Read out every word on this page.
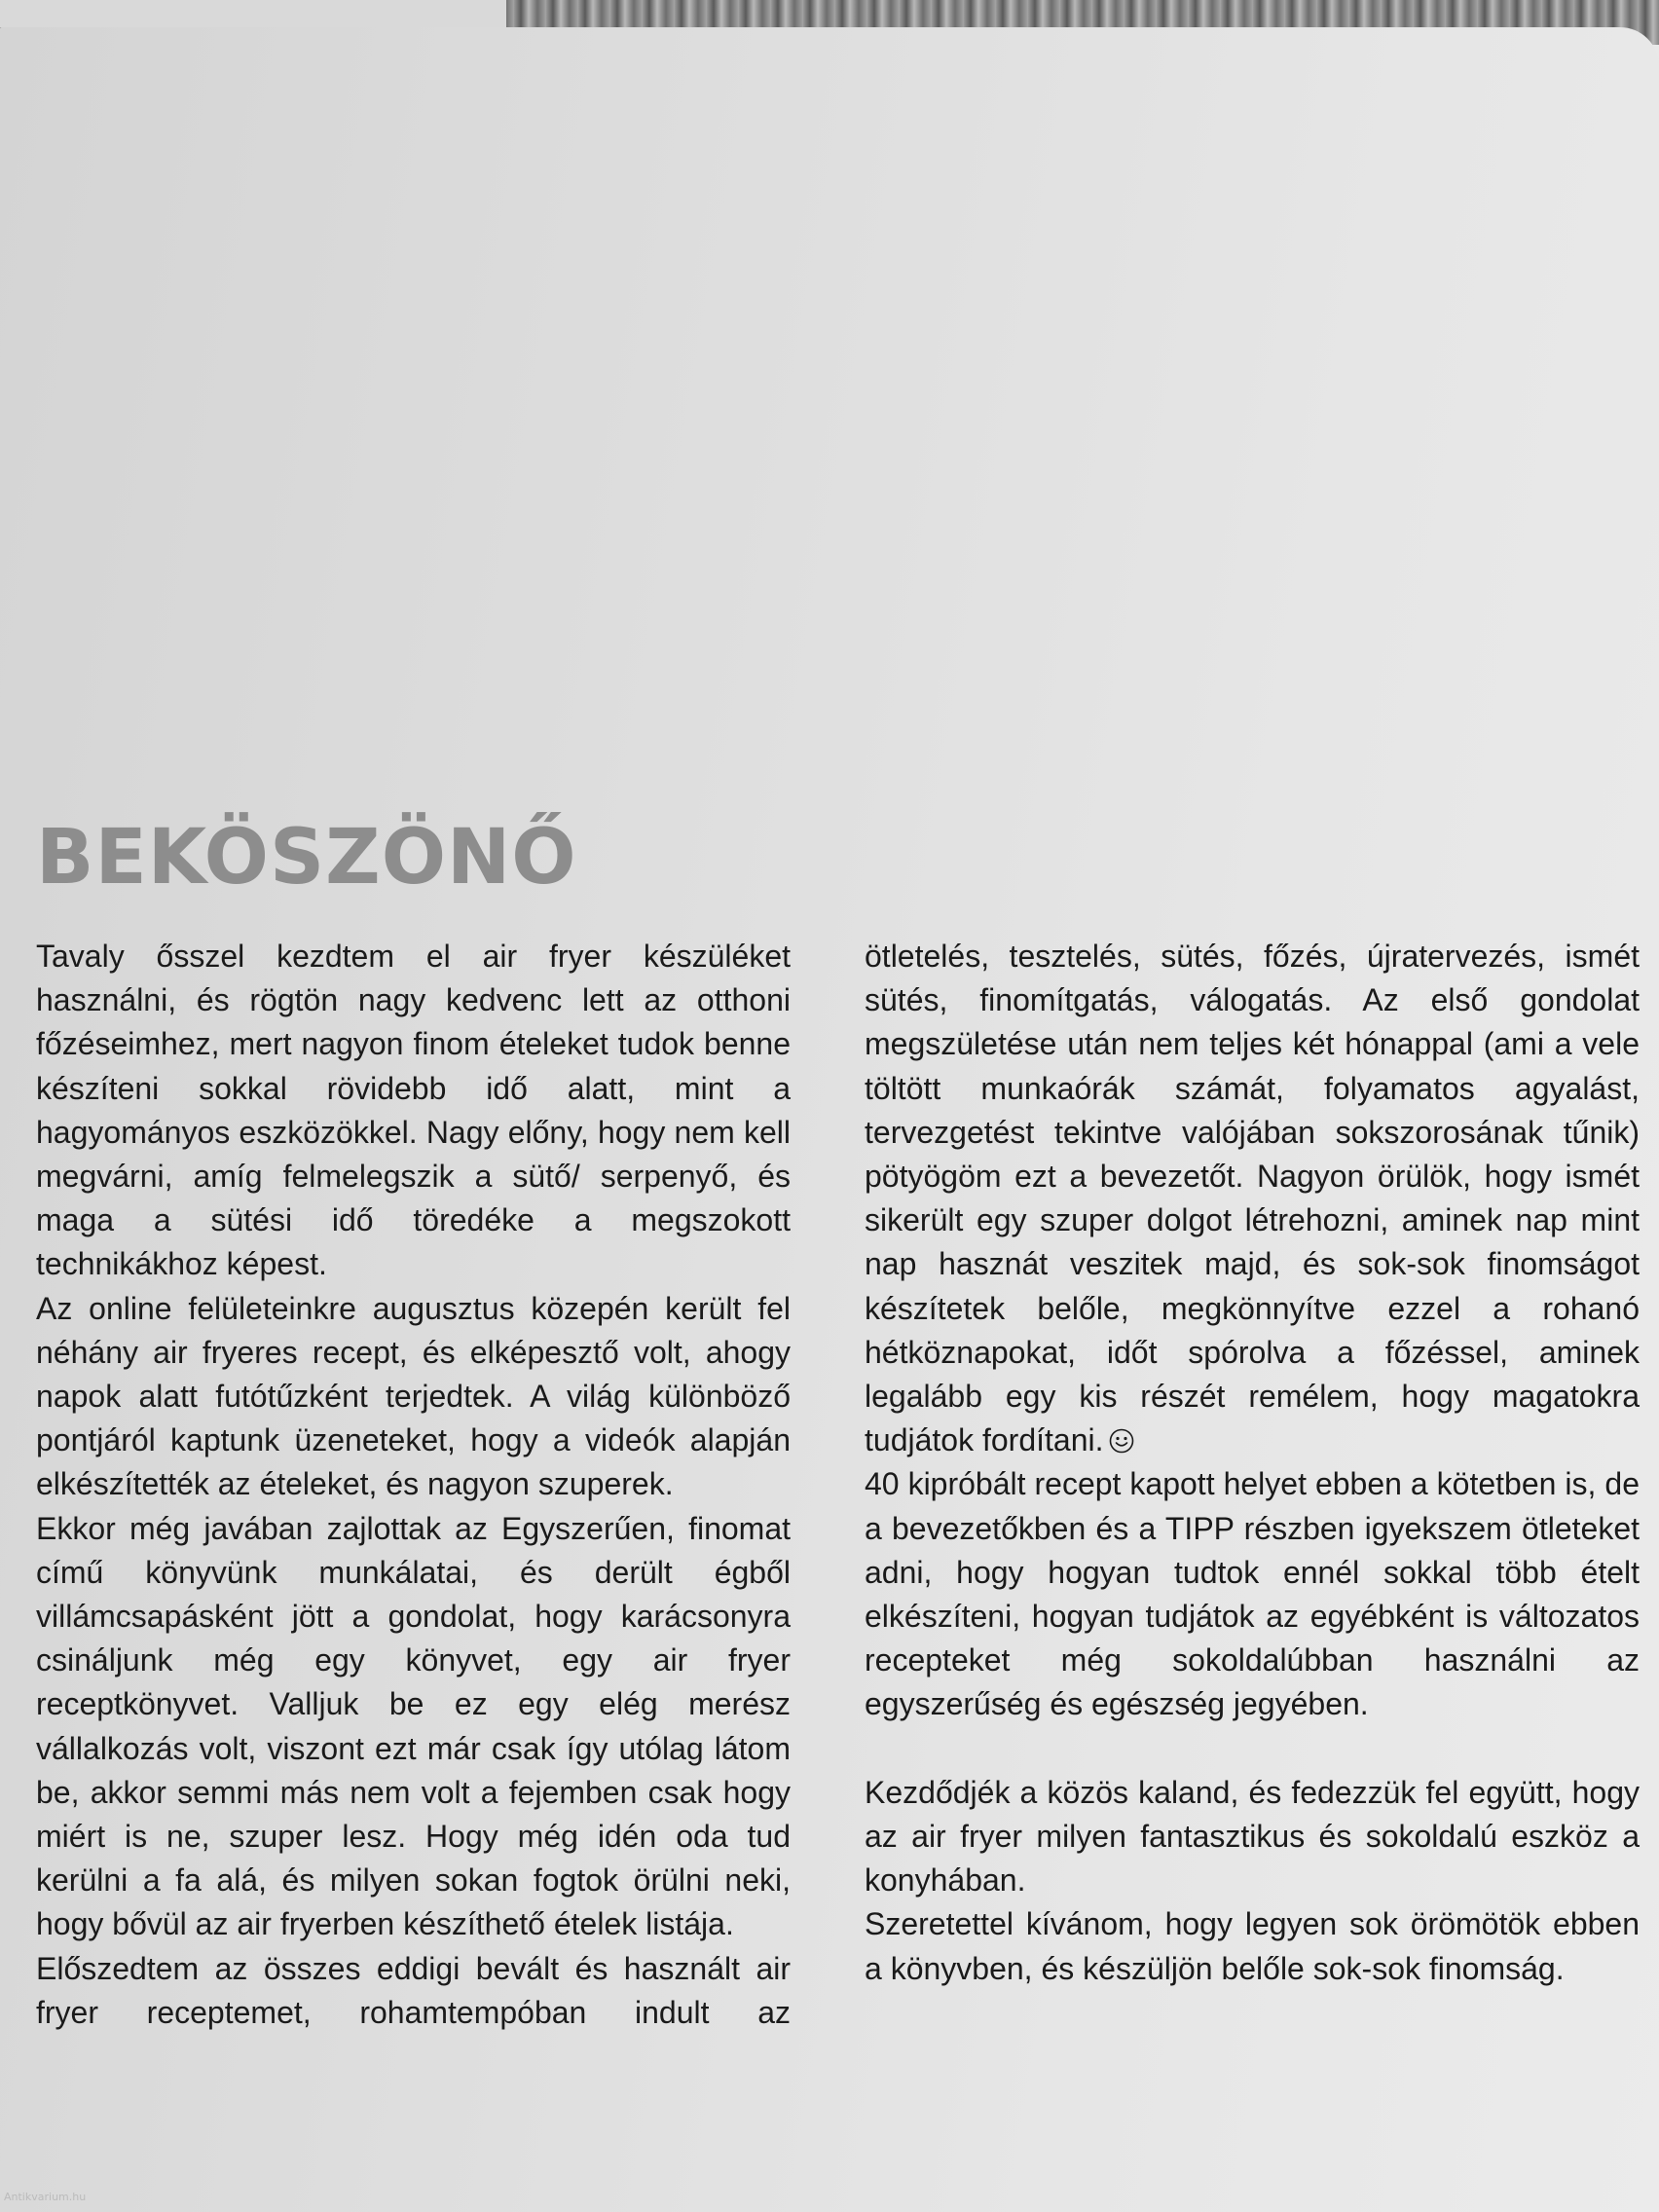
BEKÖSZÖNŐ

Tavaly ősszel kezdtem el air fryer készüléket használni, és rögtön nagy kedvenc lett az otthoni főzéseimhez, mert nagyon finom ételeket tudok benne készíteni sokkal rövidebb idő alatt, mint a hagyományos eszközökkel. Nagy előny, hogy nem kell megvárni, amíg felmelegszik a sütő/ serpenyő, és maga a sütési idő töredéke a megszokott technikákhoz képest.

Az online felületeinkre augusztus közepén került fel néhány air fryeres recept, és elképesztő volt, ahogy napok alatt futótűzként terjedtek. A világ különböző pontjáról kaptunk üzeneteket, hogy a videók alapján elkészítették az ételeket, és nagyon szuperek.

Ekkor még javában zajlottak az Egyszerűen, finomat című könyvünk munkálatai, és derült égből villámcsapásként jött a gondolat, hogy karácsonyra csináljunk még egy könyvet, egy air fryer receptkönyvet. Valljuk be ez egy elég merész vállalkozás volt, viszont ezt már csak így utólag látom be, akkor semmi más nem volt a fejemben csak hogy miért is ne, szuper lesz. Hogy még idén oda tud kerülni a fa alá, és milyen sokan fogtok örülni neki, hogy bővül az air fryerben készíthető ételek listája.

Előszedtem az összes eddigi bevált és használt air fryer receptemet, rohamtempóban indult az

ötletelés, tesztelés, sütés, főzés, újratervezés, ismét sütés, finomítgatás, válogatás. Az első gondolat megszületése után nem teljes két hónappal (ami a vele töltött munkaórák számát, folyamatos agyalást, tervezgetést tekintve valójában sokszorosának tűnik) pötyögöm ezt a bevezetőt. Nagyon örülök, hogy ismét sikerült egy szuper dolgot létrehozni, aminek nap mint nap hasznát veszitek majd, és sok-sok finomságot készítetek belőle, megkönnyítve ezzel a rohanó hétköznapokat, időt spórolva a főzéssel, aminek legalább egy kis részét remélem, hogy magatokra tudjátok fordítani.

40 kipróbált recept kapott helyet ebben a kötetben is, de a bevezetőkben és a TIPP részben igyekszem ötleteket adni, hogy hogyan tudtok ennél sokkal több ételt elkészíteni, hogyan tudjátok az egyébként is változatos recepteket még sokoldalúbban használni az egyszerűség és egészség jegyében.

Kezdődjék a közös kaland, és fedezzük fel együtt, hogy az air fryer milyen fantasztikus és sokoldalú eszköz a konyhában.

Szeretettel kívánom, hogy legyen sok örömötök ebben a könyvben, és készüljön belőle sok-sok finomság.

Antikvarium.hu
